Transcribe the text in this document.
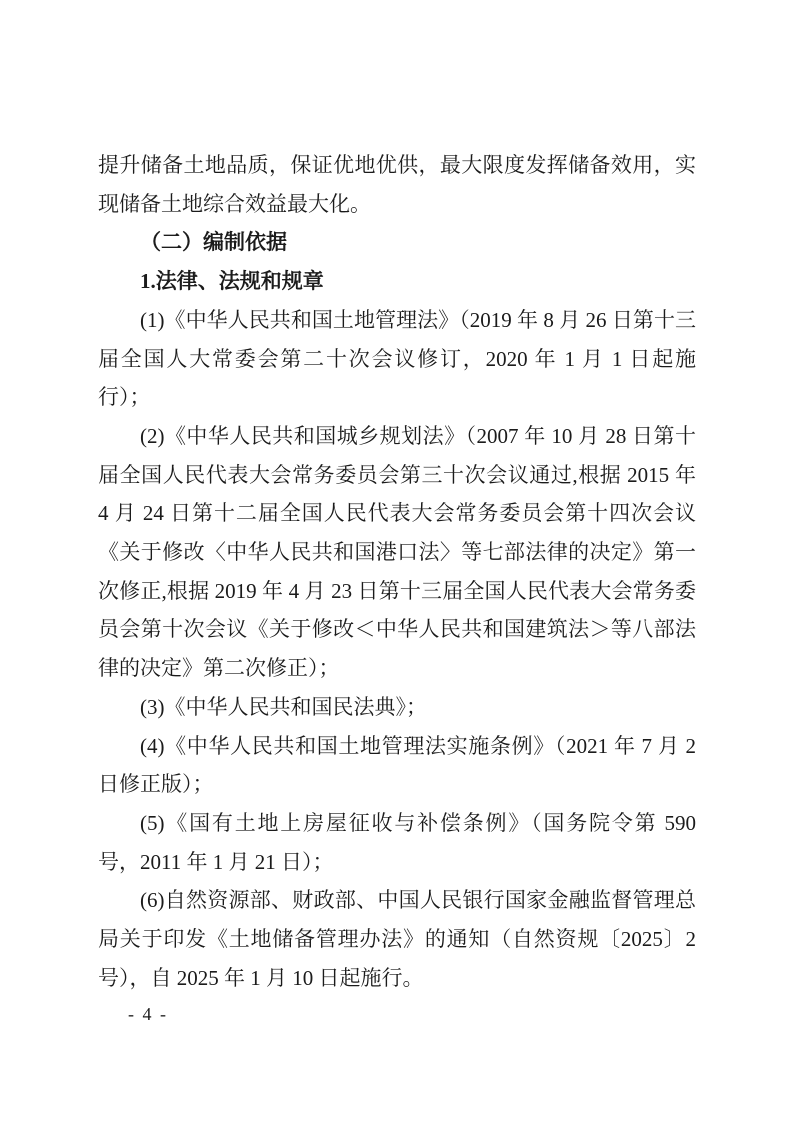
提升储备土地品质，保证优地优供，最大限度发挥储备效用，实现储备土地综合效益最大化。

（二）编制依据

1.法律、法规和规章

(1)《中华人民共和国土地管理法》（2019 年 8 月 26 日第十三届全国人大常委会第二十次会议修订，2020 年 1 月 1 日起施行）；

(2)《中华人民共和国城乡规划法》（2007 年 10 月 28 日第十届全国人民代表大会常务委员会第三十次会议通过,根据 2015 年 4 月 24 日第十二届全国人民代表大会常务委员会第十四次会议《关于修改〈中华人民共和国港口法〉等七部法律的决定》第一次修正,根据 2019 年 4 月 23 日第十三届全国人民代表大会常务委员会第十次会议《关于修改＜中华人民共和国建筑法＞等八部法律的决定》第二次修正）；

(3)《中华人民共和国民法典》；

(4)《中华人民共和国土地管理法实施条例》（2021 年 7 月 2 日修正版）；

(5)《国有土地上房屋征收与补偿条例》（国务院令第 590 号，2011 年 1 月 21 日）；

(6)自然资源部、财政部、中国人民银行国家金融监督管理总局关于印发《土地储备管理办法》的通知（自然资规〔2025〕2 号），自 2025 年 1 月 10 日起施行。

- 4 -
